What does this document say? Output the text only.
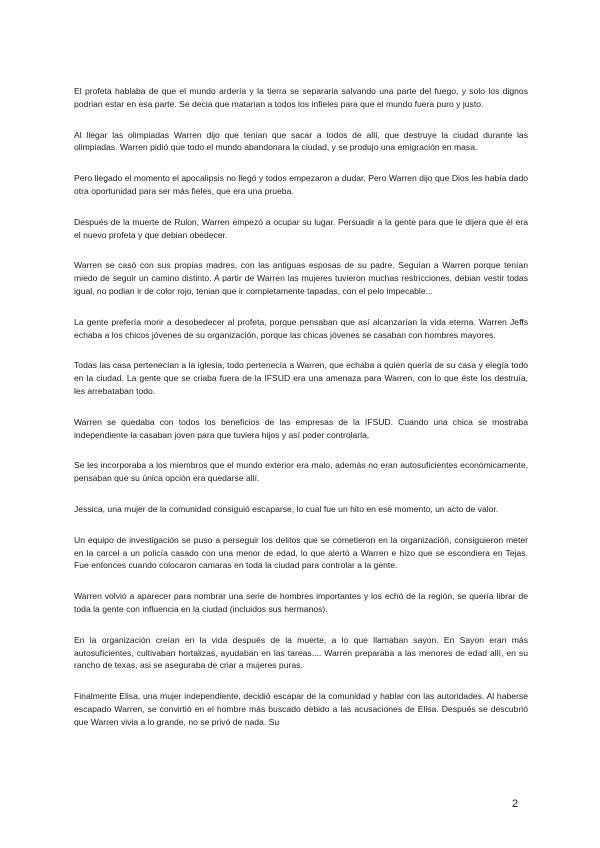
El profeta hablaba de que el mundo ardería y la tierra se separaria salvando una parte del fuego, y solo los dignos podrian estar en esa parte. Se decia que matarian a todos los infieles para que el mundo fuera puro y justo.

Al llegar las olimpiadas Warren dijo que tenian que sacar a todos de allí, que destruye la ciudad durante las olimpiadas. Warren pidió que todo el mundo abandonara la ciudad, y se produjo una emigración en masa.

Pero llegado el momento el apocalipsis no llegó y todos empezaron a dudar. Pero Warren dijo que Dios les había dado otra oportunidad para ser más fieles, que era una prueba.

Después de la muerte de Rulon, Warren empezó a ocupar su lugar. Persuadir a la gente para que le dijera que él era el nuevo profeta y que debian obedecer.

Warren se casó con sus propias madres, con las antiguas esposas de su padre. Seguían a Warren porque tenían miedo de seguir un camino distinto. A partir de Warren las mujeres tuvieron muchas restricciones, debian vestir todas igual, no podian ir de color rojo, tenian que ir completamente tapadas, con el pelo impecable...

La gente prefería morir a desobedecer al profeta, porque pensaban que así alcanzarían la vida eterna. Warren Jeffs echaba a los chicos jóvenes de su organización, porque las chicas jóvenes se casaban con hombres mayores.

Todas las casa pertenecían a la iglesia, todo pertenecía a Warren, que echaba a quien quería de su casa y elegía todo en la ciudad. La gente que se criaba fuera de la IFSUD era una amenaza para Warren, con lo que éste los destruía, les arrebataban todo.

Warren se quedaba con todos los beneficios de las empresas de la IFSUD. Cuando una chica se mostraba independiente la casaban joven para que tuviera hijos y así poder controlarla.

Se les incorporaba a los miembros que el mundo exterior era malo, además no eran autosuficientes económicamente, pensaban que su única opción era quedarse allí.

Jessica, una mujer de la comunidad consiguió escaparse, lo cual fue un hito en ese momento, un acto de valor.

Un equipo de investigación se puso a perseguir los delitos que se cometieron en la organización, consiguieron meter en la carcel a un policía casado con una menor de edad, lo que alertó a Warren e hizo que se escondiera en Tejas. Fue entonces cuando colocaron camaras en toda la ciudad para controlar a la gente.

Warren volvió a aparecer para nombrar una serie de hombres importantes y los echó de la región, se quería librar de toda la gente con influencia en la ciudad (incluidos sus hermanos).

En la organización creían en la vida después de la muerte, a lo que llamaban sayon. En Sayon eran más autosuficientes, cultivaban hortalizas, ayudaban en las tareas.... Warren preparaba a las menores de edad allí, en su rancho de texas, asi se aseguraba de criar a mujeres puras.

Finalmente Elisa, una mujer independiente, decidió escapar de la comunidad y hablar con las autoridades. Al haberse escapado Warren, se convirtió en el hombre más buscado debido a las acusaciones de Elisa. Después se descubrió que Warren vivia a lo grande, no se privó de nada. Su

2
